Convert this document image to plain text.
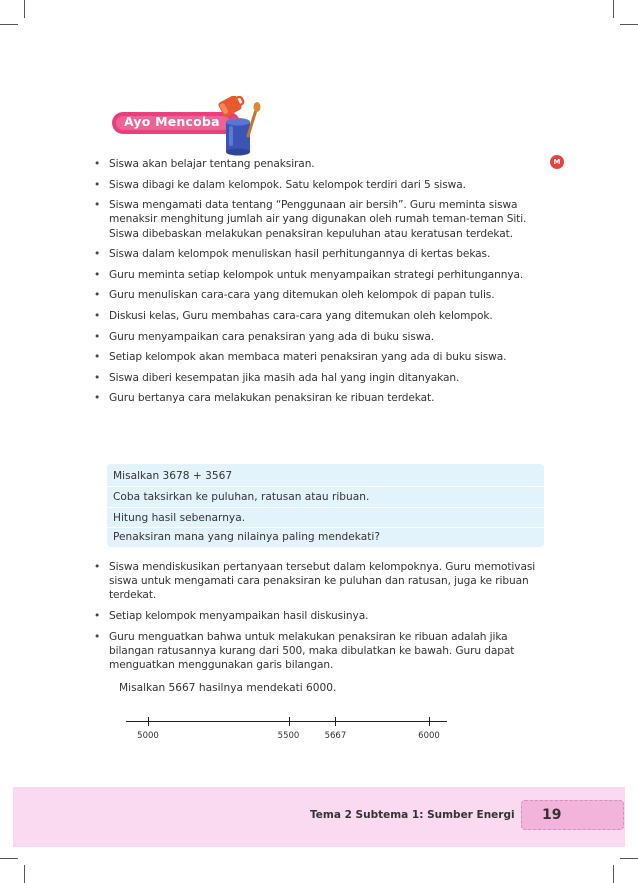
Ayo Mencoba
M
• Siswa akan belajar tentang penaksiran.
• Siswa dibagi ke dalam kelompok. Satu kelompok terdiri dari 5 siswa.
• Siswa mengamati data tentang “Penggunaan air bersih”. Guru meminta siswa menaksir menghitung jumlah air yang digunakan oleh rumah teman-teman Siti. Siswa dibebaskan melakukan penaksiran kepuluhan atau keratusan terdekat.
• Siswa dalam kelompok menuliskan hasil perhitungannya di kertas bekas.
• Guru meminta setiap kelompok untuk menyampaikan strategi perhitungannya.
• Guru menuliskan cara-cara yang ditemukan oleh kelompok di papan tulis.
• Diskusi kelas, Guru membahas cara-cara yang ditemukan oleh kelompok.
• Guru menyampaikan cara penaksiran yang ada di buku siswa.
• Setiap kelompok akan membaca materi penaksiran yang ada di buku siswa.
• Siswa diberi kesempatan jika masih ada hal yang ingin ditanyakan.
• Guru bertanya cara melakukan penaksiran ke ribuan terdekat.
Misalkan 3678 + 3567
Coba taksirkan ke puluhan, ratusan atau ribuan.
Hitung hasil sebenarnya.
Penaksiran mana yang nilainya paling mendekati?
• Siswa mendiskusikan pertanyaan tersebut dalam kelompoknya. Guru memotivasi siswa untuk mengamati cara penaksiran ke puluhan dan ratusan, juga ke ribuan terdekat.
• Setiap kelompok menyampaikan hasil diskusinya.
• Guru menguatkan bahwa untuk melakukan penaksiran ke ribuan adalah jika bilangan ratusannya kurang dari 500, maka dibulatkan ke bawah. Guru dapat menguatkan menggunakan garis bilangan.
Misalkan 5667 hasilnya mendekati 6000.
5000	5500	5667	6000
Tema 2 Subtema 1: Sumber Energi 19
